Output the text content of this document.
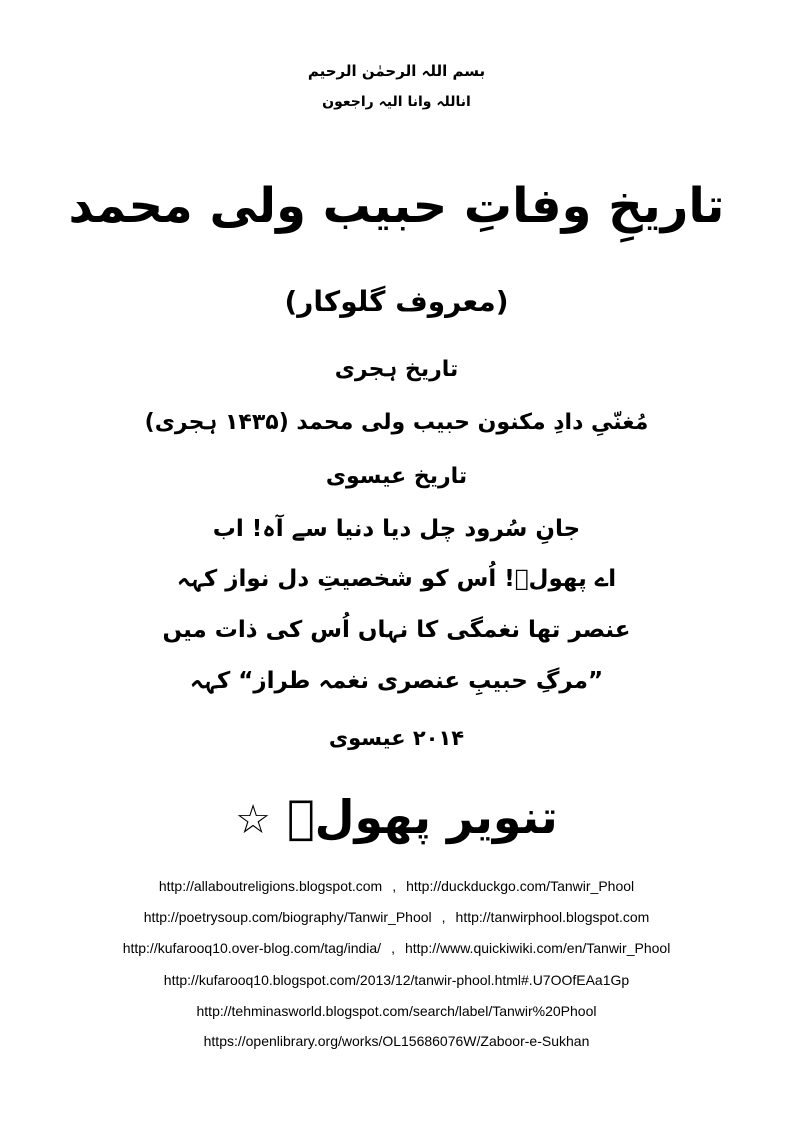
بسم اللہ الرحمٰن الرحیم
اناللہ وانا الیہ راجعون
تاریخِ وفاتِ حبیب ولی محمد
(معروف گلوکار)
تاریخ ہجری
مُغنّیِ دادِ مکنون حبیب ولی محمد (۱۴۳۵ ہجری)
تاریخ عیسوی
جانِ سُرود چل دیا دنیا سے آہ! اب
اے پھولؔ! اُس کو شخصیتِ دل نواز کہہ
عنصر تھا نغمگی کا نہاں اُس کی ذات میں
”مرگِ حبیبِ عنصری نغمہ طراز“ کہہ
۲۰۱۴ عیسوی
تنویر پھولؔ ☆
http://allaboutreligions.blogspot.com , http://duckduckgo.com/Tanwir_Phool
http://poetrysoup.com/biography/Tanwir_Phool , http://tanwirphool.blogspot.com
http://kufarooq10.over-blog.com/tag/india/ , http://www.quickiwiki.com/en/Tanwir_Phool
http://kufarooq10.blogspot.com/2013/12/tanwir-phool.html#.U7OOfEAa1Gp
http://tehminasworld.blogspot.com/search/label/Tanwir%20Phool
https://openlibrary.org/works/OL15686076W/Zaboor-e-Sukhan
